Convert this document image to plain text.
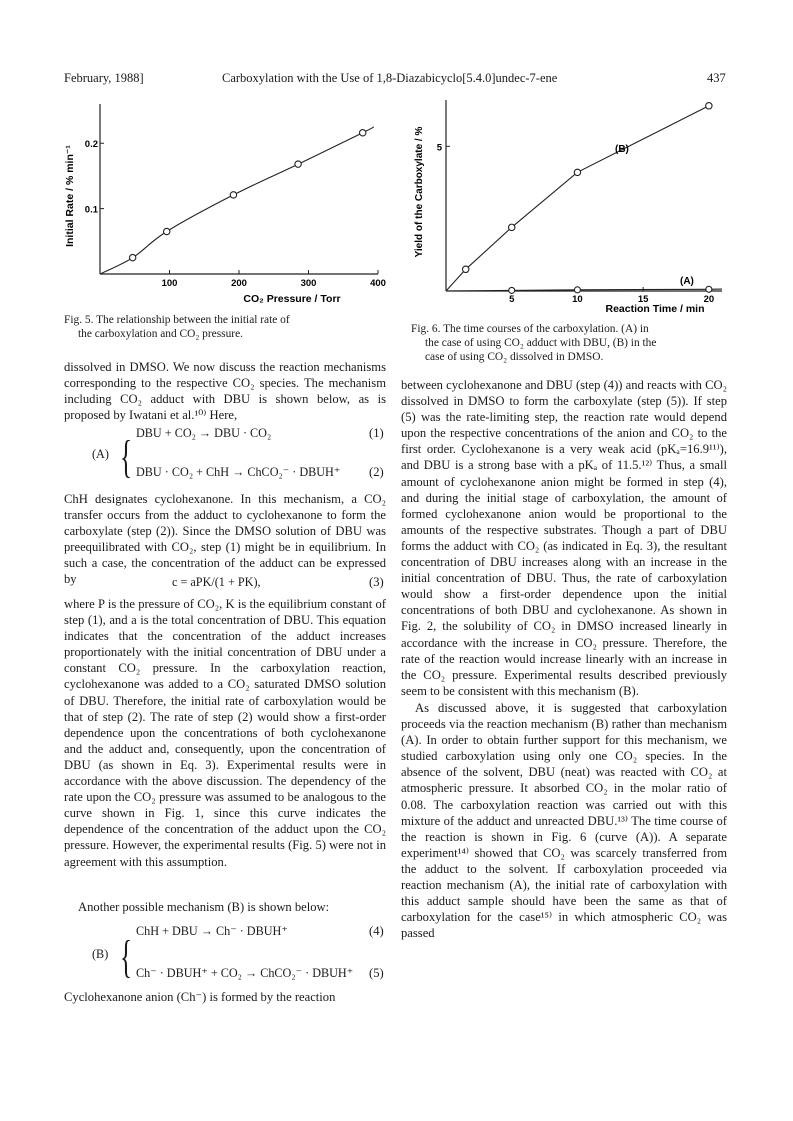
February, 1988]	Carboxylation with the Use of 1,8-Diazabicyclo[5.4.0]undec-7-ene	437
100	200	300	400
0.1
0.2
CO₂ Pressure / Torr
Initial Rate / % min⁻¹
Fig. 5. The relationship between the initial rate of
the carboxylation and CO₂ pressure.
5	10	15	20
5	(B)
(A)
Reaction Time / min
Yield of the Carboxylate / %
Fig. 6. The time courses of the carboxylation. (A) in
the case of using CO₂ adduct with DBU, (B) in the
case of using CO₂ dissolved in DMSO.

dissolved in DMSO. We now discuss the reaction mechanisms corresponding to the respective CO₂ species. The mechanism including CO₂ adduct with DBU is shown below, as is proposed by Iwatani et al.¹⁰⁾ Here,

(A) { DBU + CO₂ → DBU · CO₂	(1)
DBU · CO₂ + ChH → ChCO₂⁻ · DBUH⁺ (2)

ChH designates cyclohexanone. In this mechanism, a CO₂ transfer occurs from the adduct to cyclohexanone to form the carboxylate (step (2)). Since the DMSO solution of DBU was preequilibrated with CO₂, step (1) might be in equilibrium. In such a case, the concentration of the adduct can be expressed by	c = aPK/(1 + PK),	(3)

where P is the pressure of CO₂, K is the equilibrium constant of step (1), and a is the total concentration of DBU. This equation indicates that the concentration of the adduct increases proportionately with the initial concentration of DBU under a constant CO₂ pressure. In the carboxylation reaction, cyclohexanone was added to a CO₂ saturated DMSO solution of DBU. Therefore, the initial rate of carboxylation would be that of step (2). The rate of step (2) would show a first-order dependence upon the concentrations of both cyclohexanone and the adduct and, consequently, upon the concentration of DBU (as shown in Eq. 3). Experimental results were in accordance with the above discussion. The dependency of the rate upon the CO₂ pressure was assumed to be analogous to the curve shown in Fig. 1, since this curve indicates the dependence of the concentration of the adduct upon the CO₂ pressure. However, the experimental results (Fig. 5) were not in agreement with this assumption.

Another possible mechanism (B) is shown below:

(B) { ChH + DBU → Ch⁻ · DBUH⁺	(4)
Ch⁻ · DBUH⁺ + CO₂ → ChCO₂⁻ · DBUH⁺ (5)

Cyclohexanone anion (Ch⁻) is formed by the reaction

between cyclohexanone and DBU (step (4)) and reacts with CO₂ dissolved in DMSO to form the carboxylate (step (5)). If step (5) was the rate-limiting step, the reaction rate would depend upon the respective concentrations of the anion and CO₂ to the first order. Cyclohexanone is a very weak acid (pKₐ=16.9¹¹⁾), and DBU is a strong base with a pKₐ of 11.5.¹²⁾ Thus, a small amount of cyclohexanone anion might be formed in step (4), and during the initial stage of carboxylation, the amount of formed cyclohexanone anion would be proportional to the amounts of the respective substrates. Though a part of DBU forms the adduct with CO₂ (as indicated in Eq. 3), the resultant concentration of DBU increases along with an increase in the initial concentration of DBU. Thus, the rate of carboxylation would show a first-order dependence upon the initial concentrations of both DBU and cyclohexanone. As shown in Fig. 2, the solubility of CO₂ in DMSO increased linearly in accordance with the increase in CO₂ pressure. Therefore, the rate of the reaction would increase linearly with an increase in the CO₂ pressure. Experimental results described previously seem to be consistent with this mechanism (B).

As discussed above, it is suggested that carboxylation proceeds via the reaction mechanism (B) rather than mechanism (A). In order to obtain further support for this mechanism, we studied carboxylation using only one CO₂ species. In the absence of the solvent, DBU (neat) was reacted with CO₂ at atmospheric pressure. It absorbed CO₂ in the molar ratio of 0.08. The carboxylation reaction was carried out with this mixture of the adduct and unreacted DBU.¹³⁾ The time course of the reaction is shown in Fig. 6 (curve (A)). A separate experiment¹⁴⁾ showed that CO₂ was scarcely transferred from the adduct to the solvent. If carboxylation proceeded via reaction mechanism (A), the initial rate of carboxylation with this adduct sample should have been the same as that of carboxylation for the case¹⁵⁾ in which atmospheric CO₂ was passed
